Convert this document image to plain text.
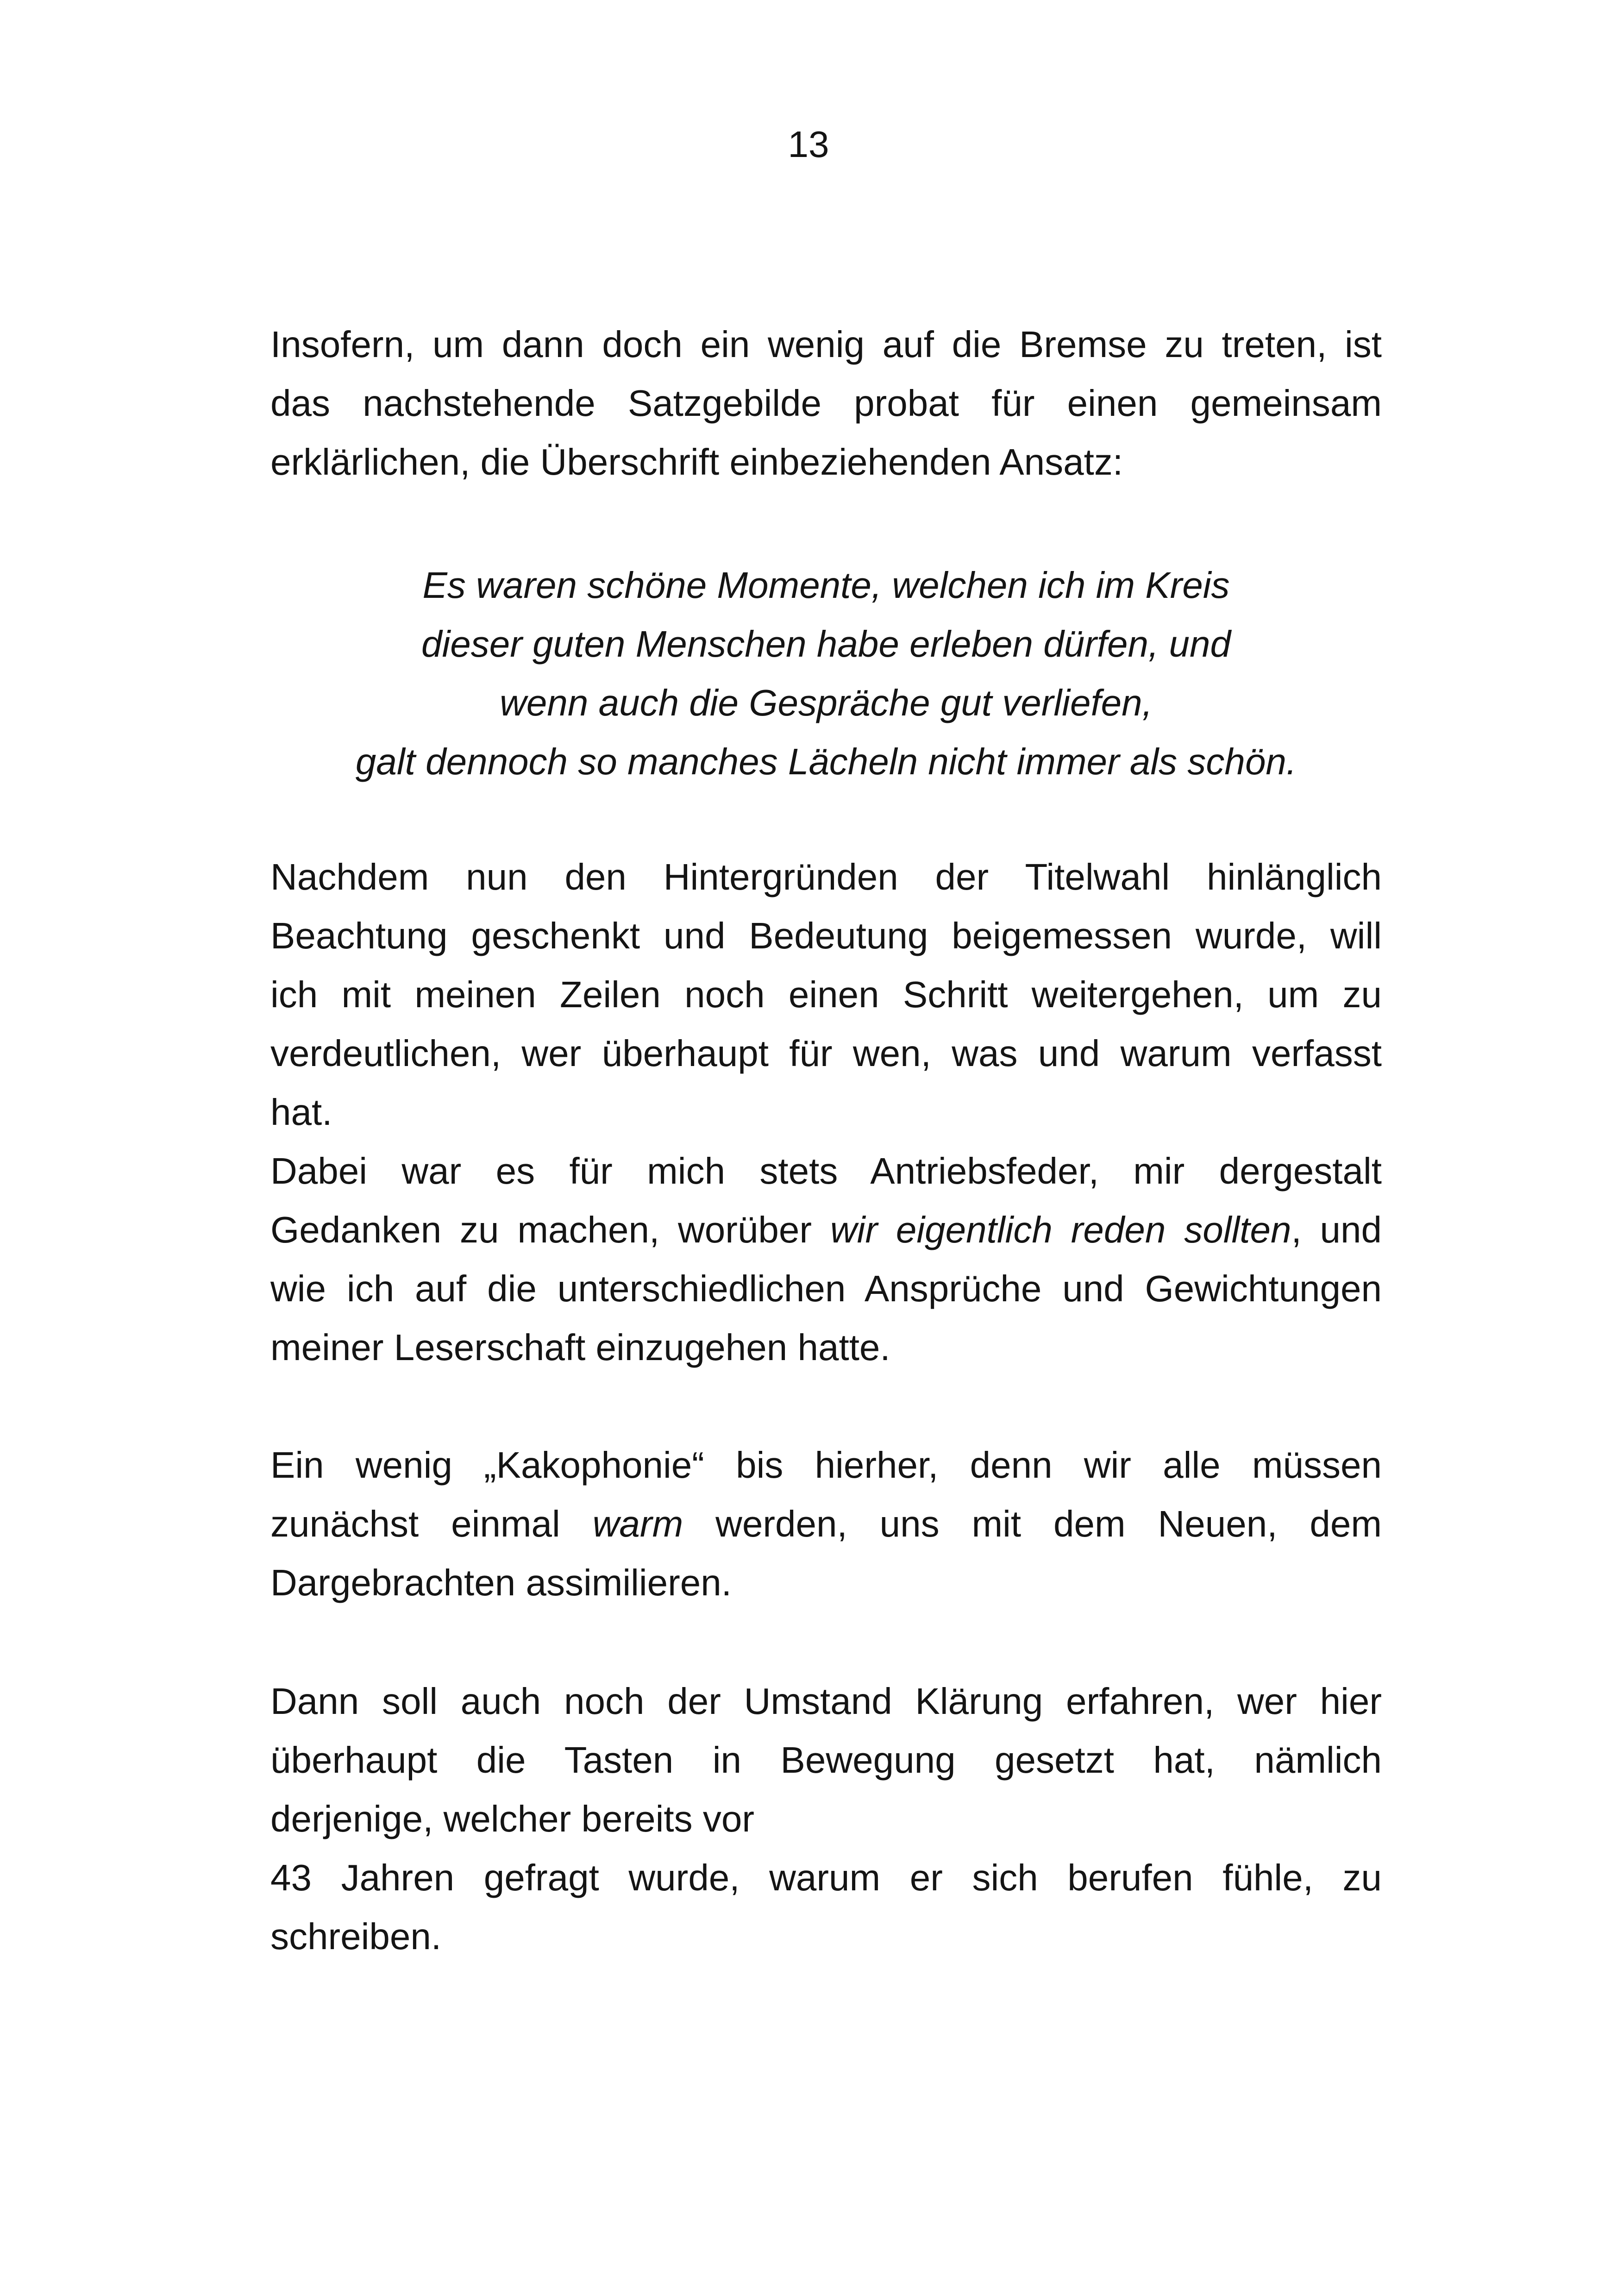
13
Insofern, um dann doch ein wenig auf die Bremse zu treten, ist
das nachstehende Satzgebilde probat für einen gemeinsam
erklärlichen, die Überschrift einbeziehenden Ansatz:
Es waren schöne Momente, welchen ich im Kreis
dieser guten Menschen habe erleben dürfen, und
wenn auch die Gespräche gut verliefen,
galt dennoch so manches Lächeln nicht immer als schön.
Nachdem nun den Hintergründen der Titelwahl hinlänglich
Beachtung geschenkt und Bedeutung beigemessen wurde, will
ich mit meinen Zeilen noch einen Schritt weitergehen, um zu
verdeutlichen, wer überhaupt für wen, was und warum verfasst
hat.
Dabei war es für mich stets Antriebsfeder, mir dergestalt
Gedanken zu machen, worüber wir eigentlich reden sollten, und
wie ich auf die unterschiedlichen Ansprüche und Gewichtungen
meiner Leserschaft einzugehen hatte.
Ein wenig „Kakophonie“ bis hierher, denn wir alle müssen
zunächst einmal warm werden, uns mit dem Neuen, dem
Dargebrachten assimilieren.
Dann soll auch noch der Umstand Klärung erfahren, wer hier
überhaupt die Tasten in Bewegung gesetzt hat, nämlich
derjenige, welcher bereits vor
43 Jahren gefragt wurde, warum er sich berufen fühle, zu
schreiben.
